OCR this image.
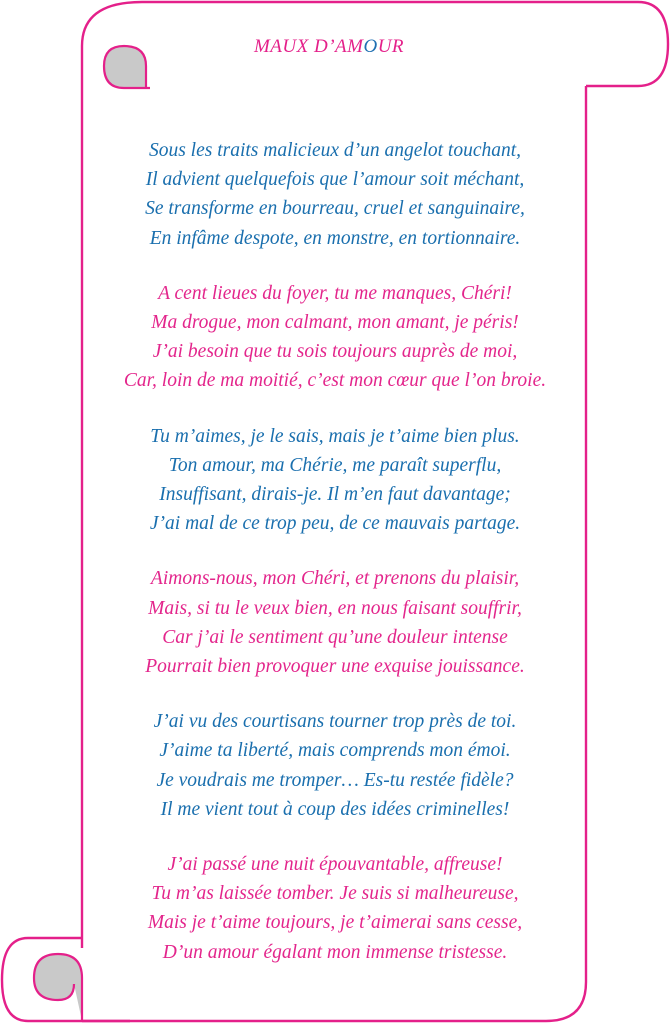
MAUX D’AMOUR
Sous les traits malicieux d’un angelot touchant,
Il advient quelquefois que l’amour soit méchant,
Se transforme en bourreau, cruel et sanguinaire,
En infâme despote, en monstre, en tortionnaire.
A cent lieues du foyer, tu me manques, Chéri!
Ma drogue, mon calmant, mon amant, je péris!
J’ai besoin que tu sois toujours auprès de moi,
Car, loin de ma moitié, c’est mon cœur que l’on broie.
Tu m’aimes, je le sais, mais je t’aime bien plus.
Ton amour, ma Chérie, me paraît superflu,
Insuffisant, dirais-je. Il m’en faut davantage;
J’ai mal de ce trop peu, de ce mauvais partage.
Aimons-nous, mon Chéri, et prenons du plaisir,
Mais, si tu le veux bien, en nous faisant souffrir,
Car j’ai le sentiment qu’une douleur intense
Pourrait bien provoquer une exquise jouissance.
J’ai vu des courtisans tourner trop près de toi.
J’aime ta liberté, mais comprends mon émoi.
Je voudrais me tromper… Es-tu restée fidèle?
Il me vient tout à coup des idées criminelles!
J’ai passé une nuit épouvantable, affreuse!
Tu m’as laissée tomber. Je suis si malheureuse,
Mais je t’aime toujours, je t’aimerai sans cesse,
D’un amour égalant mon immense tristesse.
